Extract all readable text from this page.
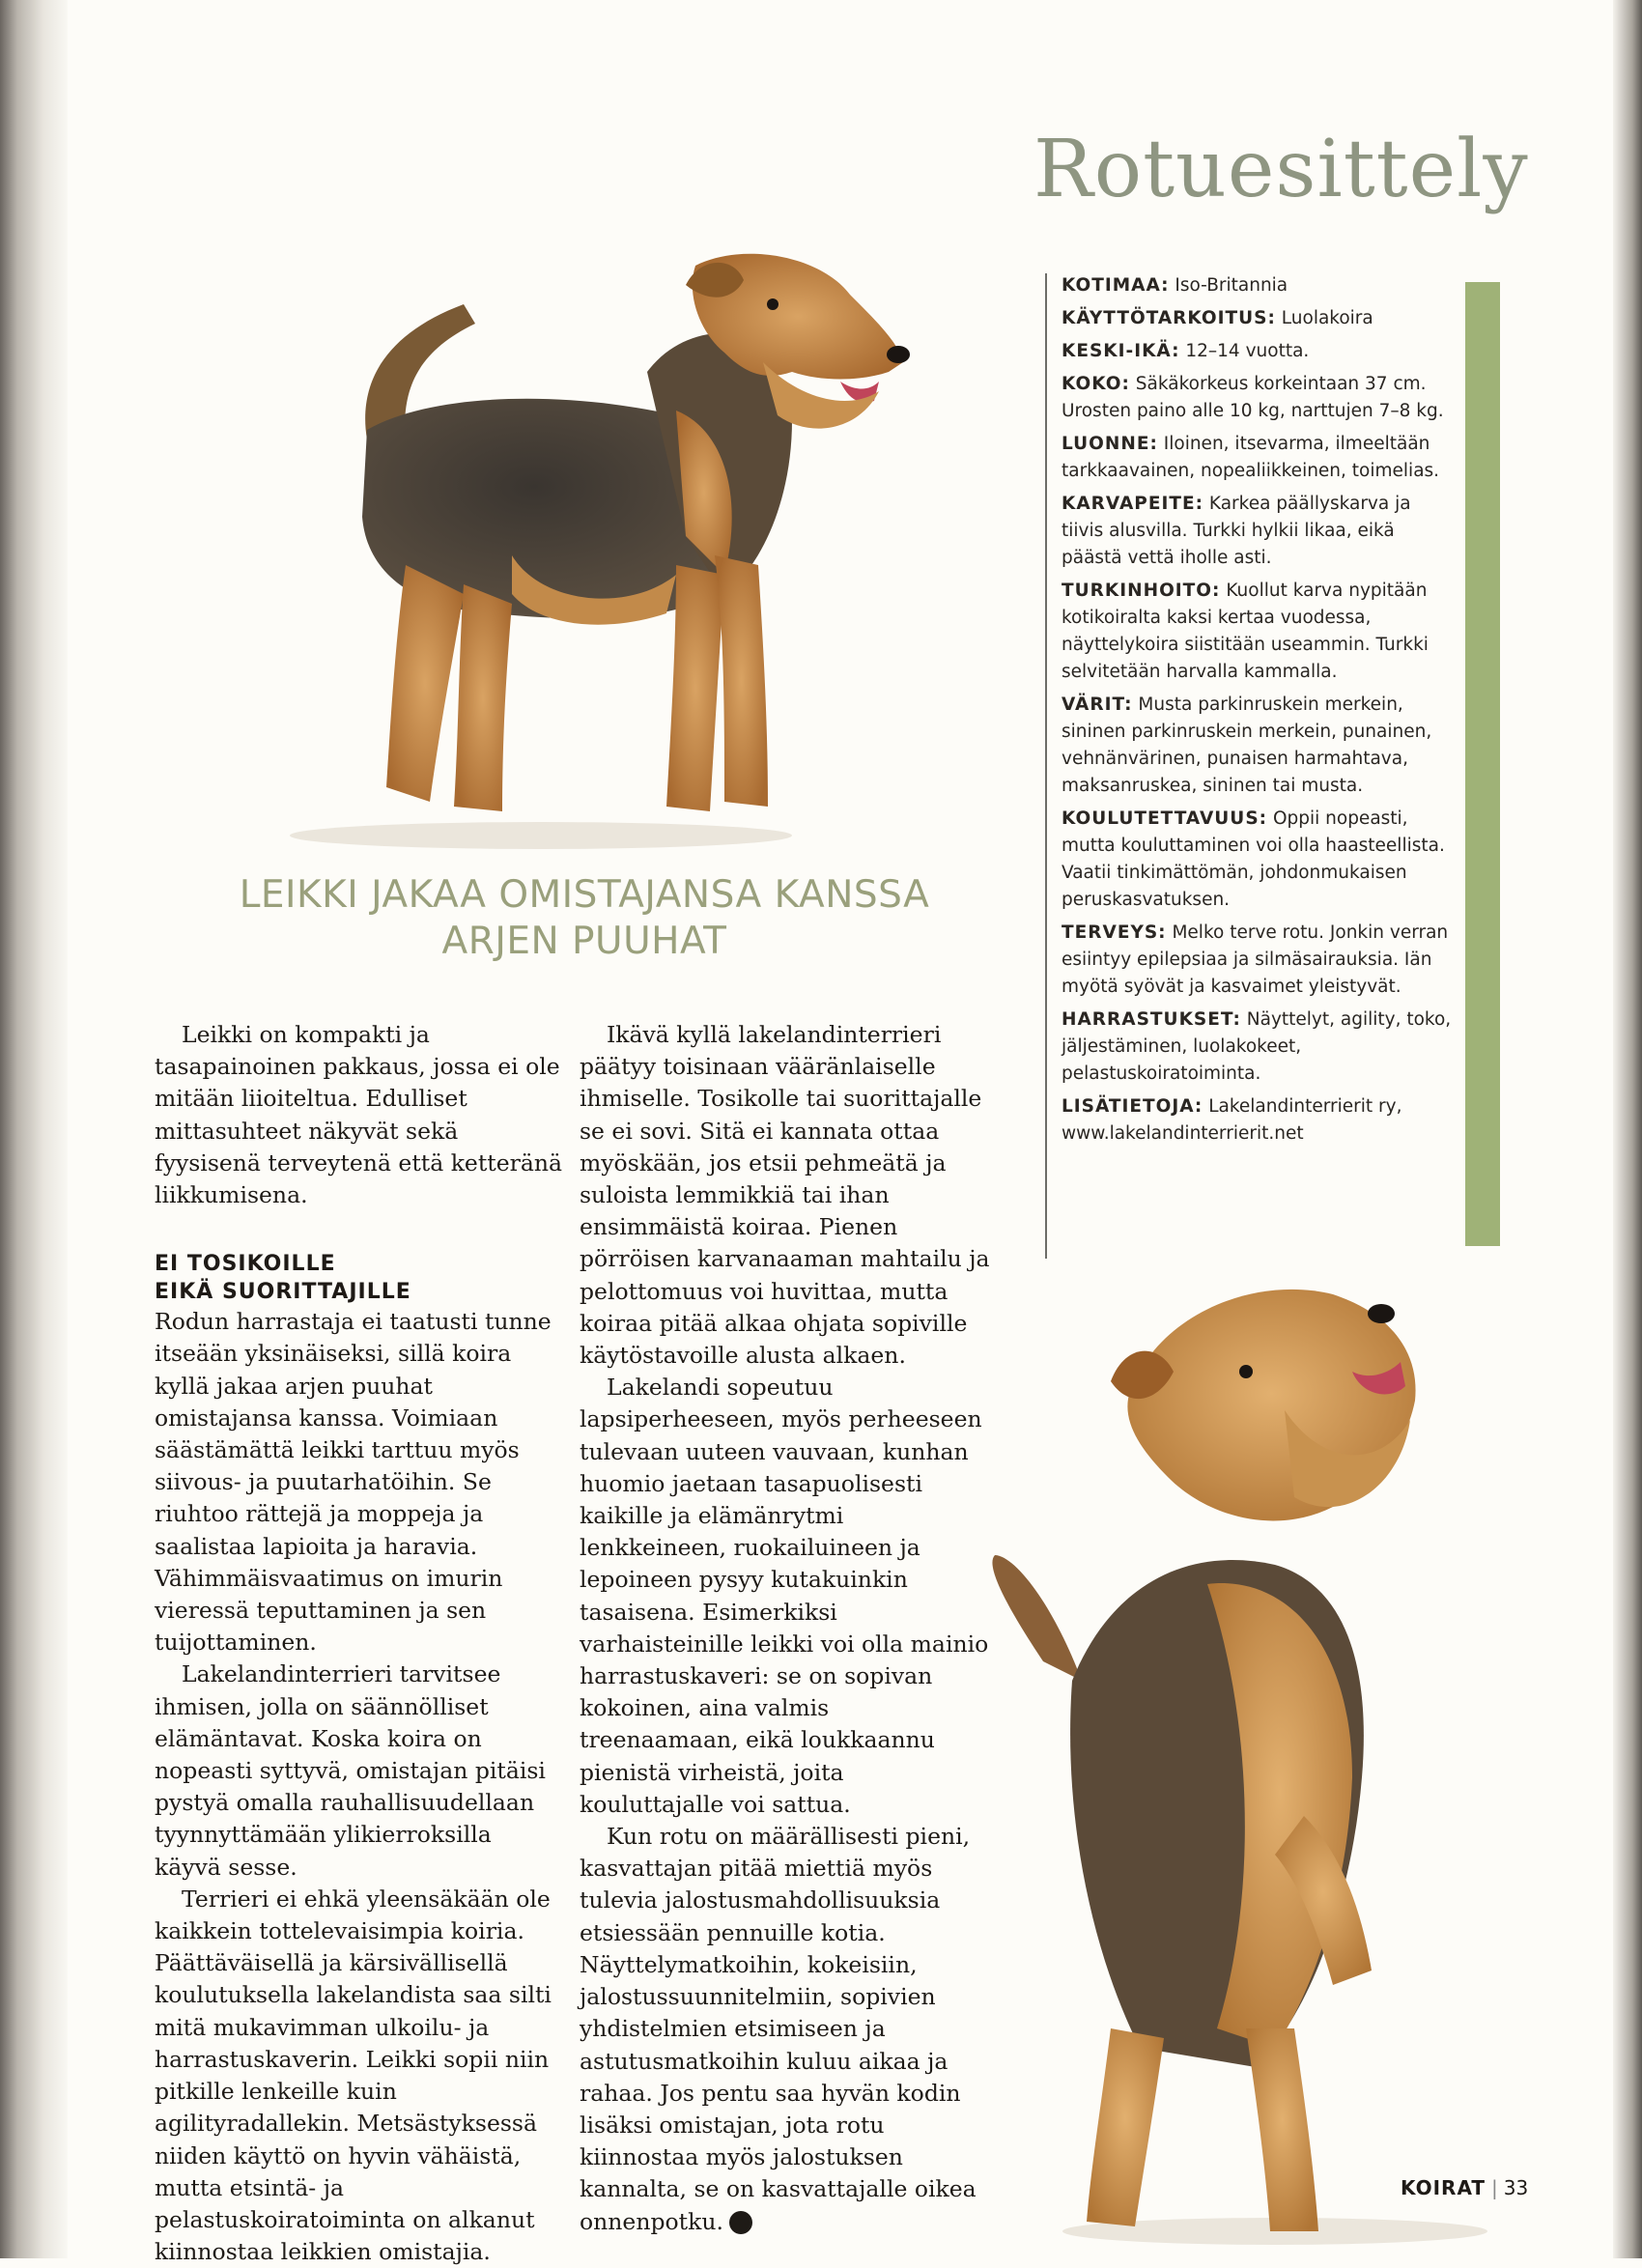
Rotuesittely
LEIKKI JAKAA OMISTAJANSA KANSSA ARJEN PUUHAT

KOTIMAA: Iso-Britannia

KÄYTTÖTARKOITUS: Luolakoira

KESKI-IKÄ: 12–14 vuotta.

KOKO: Säkäkorkeus korkeintaan 37 cm. Urosten paino alle 10 kg, narttujen 7–8 kg.

LUONNE: Iloinen, itsevarma, ilmeeltään tarkkaavainen, nopealiikkeinen, toimelias.

KARVAPEITE: Karkea päällyskarva ja tiivis alusvilla. Turkki hylkii likaa, eikä päästä vettä iholle asti.

TURKINHOITO: Kuollut karva nypitään kotikoiralta kaksi kertaa vuodessa, näyttelykoira siistitään useammin. Turkki selvitetään harvalla kammalla.

VÄRIT: Musta parkinruskein merkein, sininen parkinruskein merkein, punainen, vehnänvärinen, punaisen harmahtava, maksanruskea, sininen tai musta.

KOULUTETTAVUUS: Oppii nopeasti, mutta kouluttaminen voi olla haasteellista. Vaatii tinkimättömän, johdonmukaisen peruskasvatuksen.

TERVEYS: Melko terve rotu. Jonkin verran esiintyy epilepsiaa ja silmäsairauksia. Iän myötä syövät ja kasvaimet yleistyvät.

HARRASTUKSET: Näyttelyt, agility, toko, jäljestäminen, luolakokeet, pelastuskoiratoiminta.

LISÄTIETOJA: Lakelandinterrierit ry, www.lakelandinterrierit.net

Leikki on kompakti ja tasapainoinen pakkaus, jossa ei ole mitään liioiteltua. Edulliset mittasuhteet näkyvät sekä fyysisenä terveytenä että ketteränä liikkumisena.

EI TOSIKOILLE
EIKÄ SUORITTAJILLE

Rodun harrastaja ei taatusti tunne itseään yksinäiseksi, sillä koira kyllä jakaa arjen puuhat omistajansa kanssa. Voimiaan säästämättä leikki tarttuu myös siivous- ja puutarhatöihin. Se riuhtoo rättejä ja moppeja ja saalistaa lapioita ja haravia. Vähimmäisvaatimus on imurin vieressä teputtaminen ja sen tuijottaminen.

Lakelandinterrieri tarvitsee ihmisen, jolla on säännölliset elämäntavat. Koska koira on nopeasti syttyvä, omistajan pitäisi pystyä omalla rauhallisuudellaan tyynnyttämään ylikierroksilla käyvä sesse.

Terrieri ei ehkä yleensäkään ole kaikkein tottelevaisimpia koiria. Päättäväisellä ja kärsivällisellä koulutuksella lakelandista saa silti mitä mukavimman ulkoilu- ja harrastuskaverin. Leikki sopii niin pitkille lenkeille kuin agilityradallekin. Metsästyksessä niiden käyttö on hyvin vähäistä, mutta etsintä- ja pelastuskoiratoiminta on alkanut kiinnostaa leikkien omistajia.

Ikävä kyllä lakelandinterrieri päätyy toisinaan vääränlaiselle ihmiselle. Tosikolle tai suorittajalle se ei sovi. Sitä ei kannata ottaa myöskään, jos etsii pehmeätä ja suloista lemmikkiä tai ihan ensimmäistä koiraa. Pienen pörröisen karvanaaman mahtailu ja pelottomuus voi huvittaa, mutta koiraa pitää alkaa ohjata sopiville käytöstavoille alusta alkaen.

Lakelandi sopeutuu lapsiperheeseen, myös perheeseen tulevaan uuteen vauvaan, kunhan huomio jaetaan tasapuolisesti kaikille ja elämänrytmi lenkkeineen, ruokailuineen ja lepoineen pysyy kutakuinkin tasaisena. Esimerkiksi varhaisteinille leikki voi olla mainio harrastuskaveri: se on sopivan kokoinen, aina valmis treenaamaan, eikä loukkaannu pienistä virheistä, joita kouluttajalle voi sattua.

Kun rotu on määrällisesti pieni, kasvattajan pitää miettiä myös tulevia jalostusmahdollisuuksia etsiessään pennuille kotia. Näyttelymatkoihin, kokeisiin, jalostussuunnitelmiin, sopivien yhdistelmien etsimiseen ja astutusmatkoihin kuluu aikaa ja rahaa. Jos pentu saa hyvän kodin lisäksi omistajan, jota rotu kiinnostaa myös jalostuksen kannalta, se on kasvattajalle oikea onnenpotku. K

KOIRAT | 33
